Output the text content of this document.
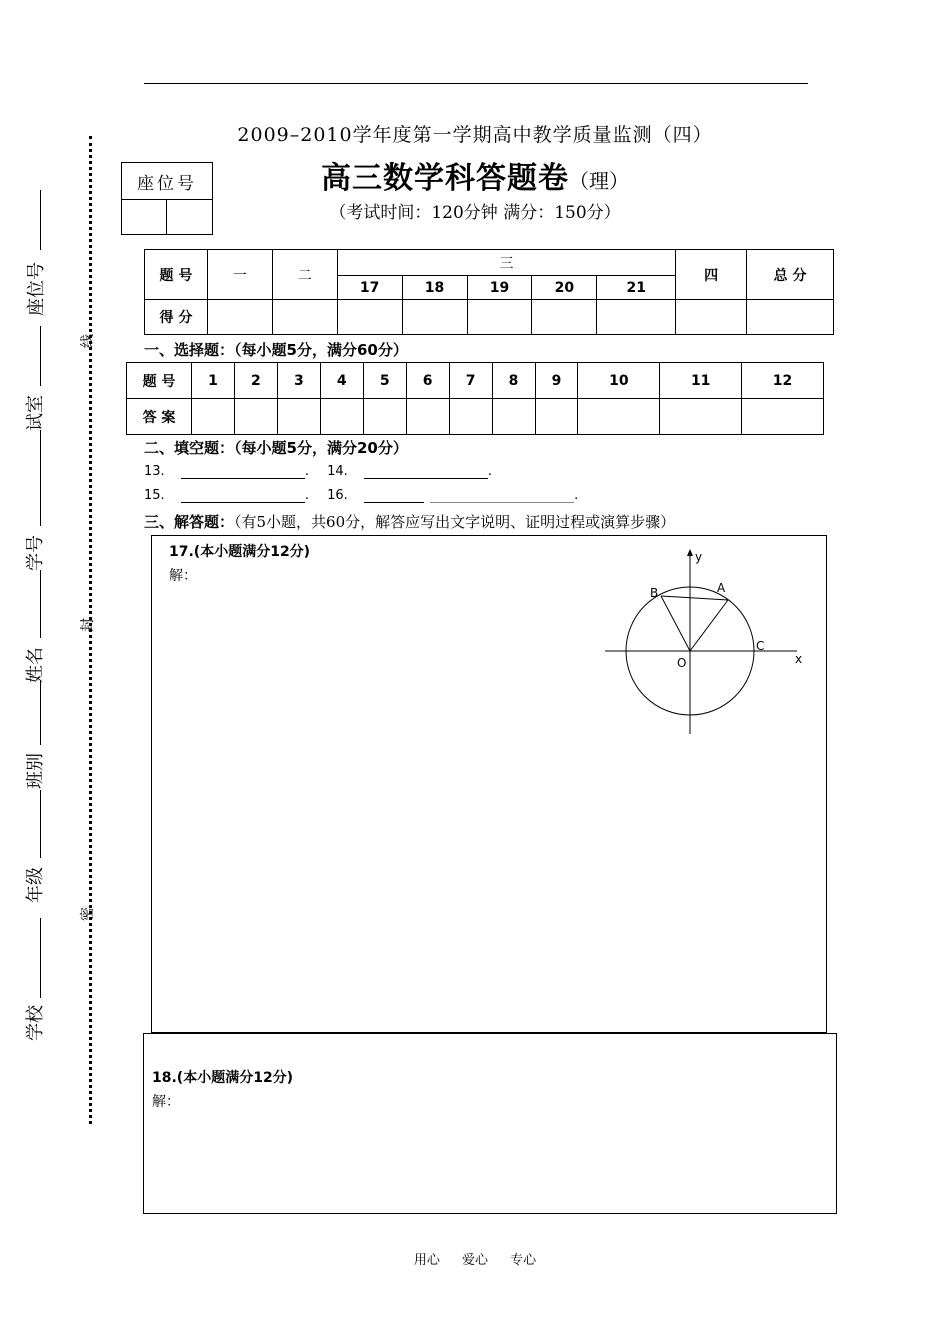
2009–2010学年度第一学期高中教学质量监测（四）
高三数学科答题卷（理）
（考试时间：120分钟 满分：150分）
座位号
题 号	一	二	三					四	总 分
			17	18	19	20	21		
得 分									
一、选择题：（每小题5分，满分60分）
题 号	1	2	3	4	5	6	7	8	9	10	11	12
答 案												
二、填空题：（每小题5分，满分20分）
13.	. 14.	.
15.	. 16.	.
三、解答题：（有5小题，共60分，解答应写出文字说明、证明过程或演算步骤）
17.(本小题满分12分)
解：
y
x
O
A
B
C
18.(本小题满分12分)
解：
学校
年级
班别
姓名
学号
试室
座位号
密
封
线
用心 爱心 专心
